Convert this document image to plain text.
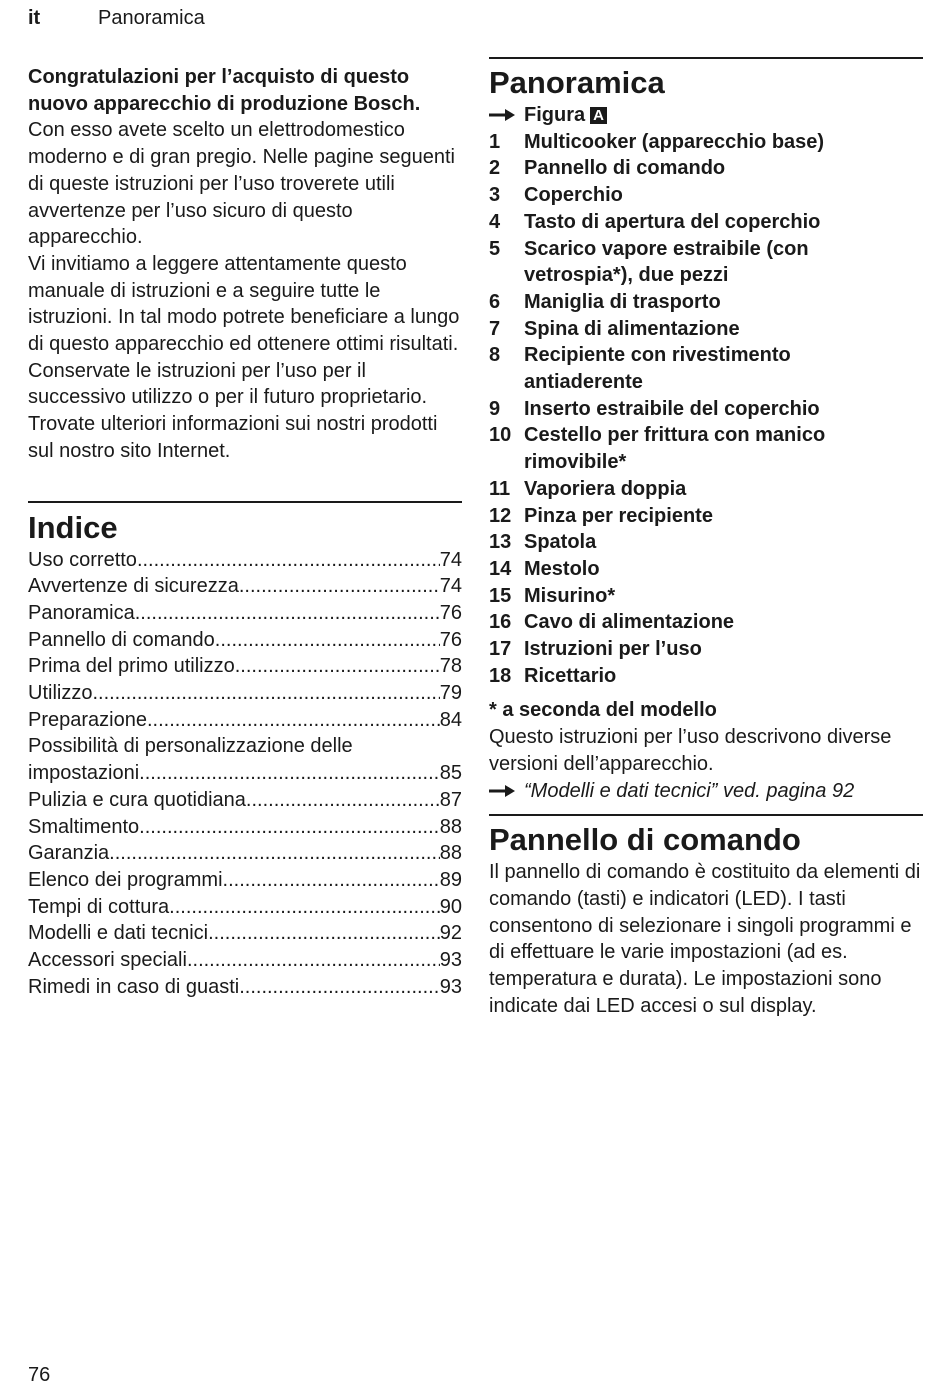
it	Panoramica

Congratulazioni per l’acquisto di questo nuovo apparecchio di produzione Bosch.

Con esso avete scelto un elettrodomestico moderno e di gran pregio. Nelle pagine seguenti di queste istruzioni per l’uso troverete utili avvertenze per l’uso sicuro di questo apparecchio.

Vi invitiamo a leggere attentamente questo manuale di istruzioni e a seguire tutte le istruzioni. In tal modo potrete beneficiare a lungo di questo apparecchio ed ottenere ottimi risultati.

Conservate le istruzioni per l’uso per il successivo utilizzo o per il futuro proprietario.

Trovate ulteriori informazioni sui nostri prodotti sul nostro sito Internet.

Indice
Uso corretto .....	74
Avvertenze di sicurezza .....	74
Panoramica .....	76
Pannello di comando .....	76
Prima del primo utilizzo .....	78
Utilizzo .....	79
Preparazione .....	84
Possibilità di personalizzazione delle
impostazioni .....	85
Pulizia e cura quotidiana .....	87
Smaltimento .....	88
Garanzia .....	88
Elenco dei programmi .....	89
Tempi di cottura .....	90
Modelli e dati tecnici .....	92
Accessori speciali .....	93
Rimedi in caso di guasti .....	93
Panoramica
Figura A
1	Multicooker (apparecchio base)
2	Pannello di comando
3	Coperchio
4	Tasto di apertura del coperchio
5	Scarico vapore estraibile (con vetrospia*), due pezzi
6	Maniglia di trasporto
7	Spina di alimentazione
8	Recipiente con rivestimento antiaderente
9	Inserto estraibile del coperchio
10 Cestello per frittura con manico rimovibile*
11 Vaporiera doppia
12 Pinza per recipiente
13 Spatola
14 Mestolo
15 Misurino*
16 Cavo di alimentazione
17 Istruzioni per l’uso
18 Ricettario
* a seconda del modello

Questo istruzioni per l’uso descrivono diverse versioni dell’apparecchio.

“Modelli e dati tecnici” ved. pagina 92
Pannello di comando

Il pannello di comando è costituito da elementi di comando (tasti) e indicatori (LED). I tasti consentono di selezionare i singoli programmi e di effettuare le varie impostazioni (ad es. temperatura e durata). Le impostazioni sono indicate dai LED accesi o sul display.

76
